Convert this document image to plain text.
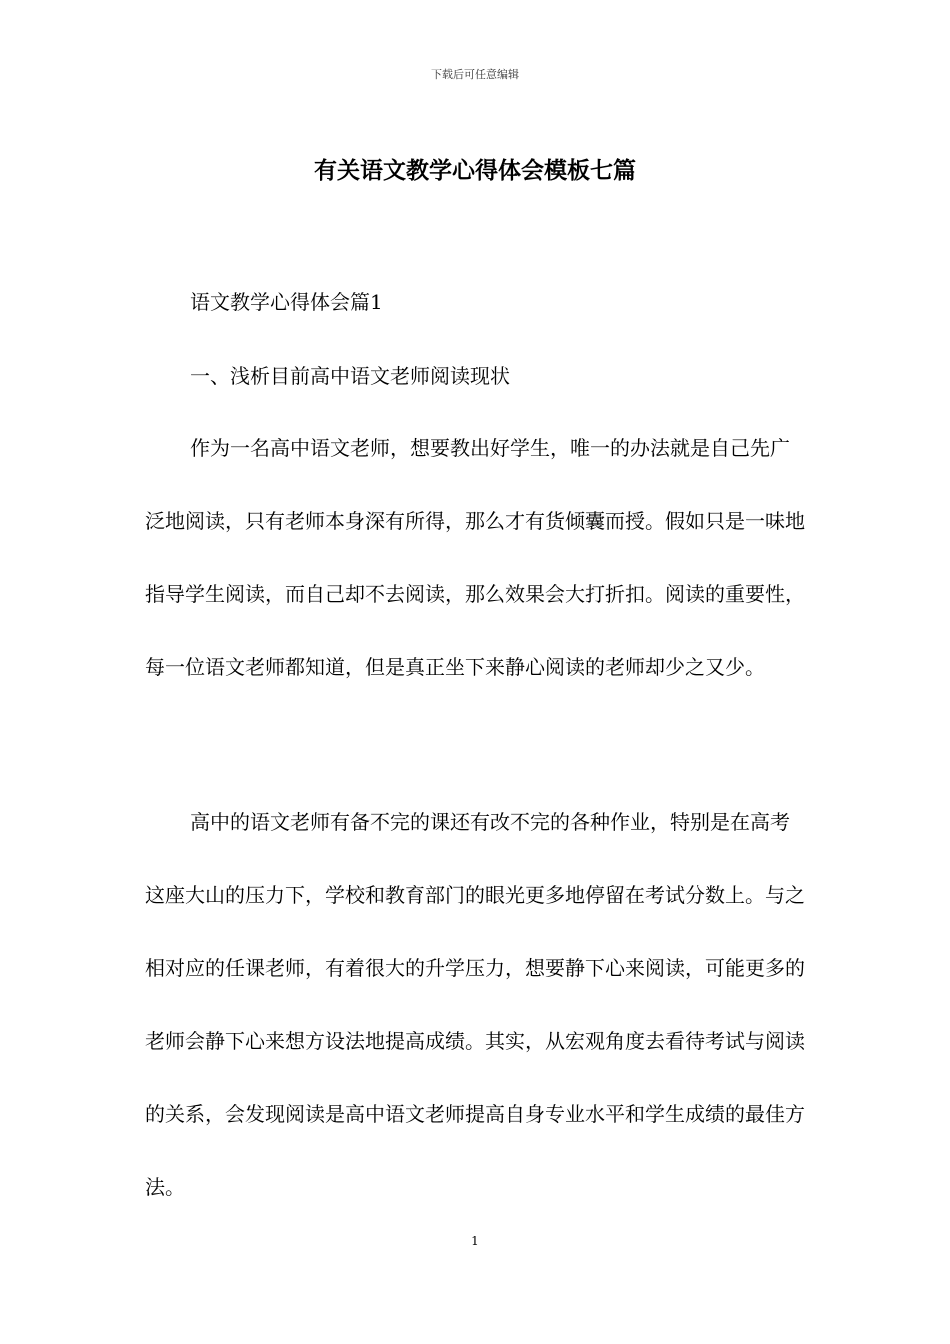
下载后可任意编辑
有关语文教学心得体会模板七篇

语文教学心得体会篇1

一、浅析目前高中语文老师阅读现状

作为一名高中语文老师，想要教出好学生，唯一的办法就是自己先广泛地阅读，只有老师本身深有所得，那么才有货倾囊而授。假如只是一味地指导学生阅读，而自己却不去阅读，那么效果会大打折扣。阅读的重要性，每一位语文老师都知道，但是真正坐下来静心阅读的老师却少之又少。

高中的语文老师有备不完的课还有改不完的各种作业，特别是在高考这座大山的压力下，学校和教育部门的眼光更多地停留在考试分数上。与之相对应的任课老师，有着很大的升学压力，想要静下心来阅读，可能更多的老师会静下心来想方设法地提高成绩。其实，从宏观角度去看待考试与阅读的关系，会发现阅读是高中语文老师提高自身专业水平和学生成绩的最佳方法。

1
